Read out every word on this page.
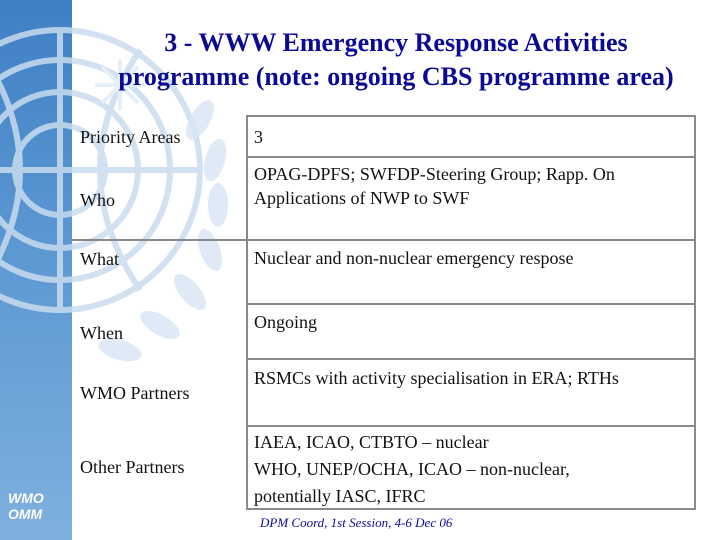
WMO
OMM
3 - WWW Emergency Response Activities
programme (note: ongoing CBS programme area)
Priority Areas	3
Who
OPAG-DPFS; SWFDP-Steering Group; Rapp. On
Applications of NWP to SWF
What	Nuclear and non-nuclear emergency respose
When
Ongoing
WMO Partners
RSMCs with activity specialisation in ERA; RTHs
Other Partners
IAEA, ICAO, CTBTO – nuclear
WHO, UNEP/OCHA, ICAO – non-nuclear,
potentially IASC, IFRC
DPM Coord, 1st Session, 4-6 Dec 06
